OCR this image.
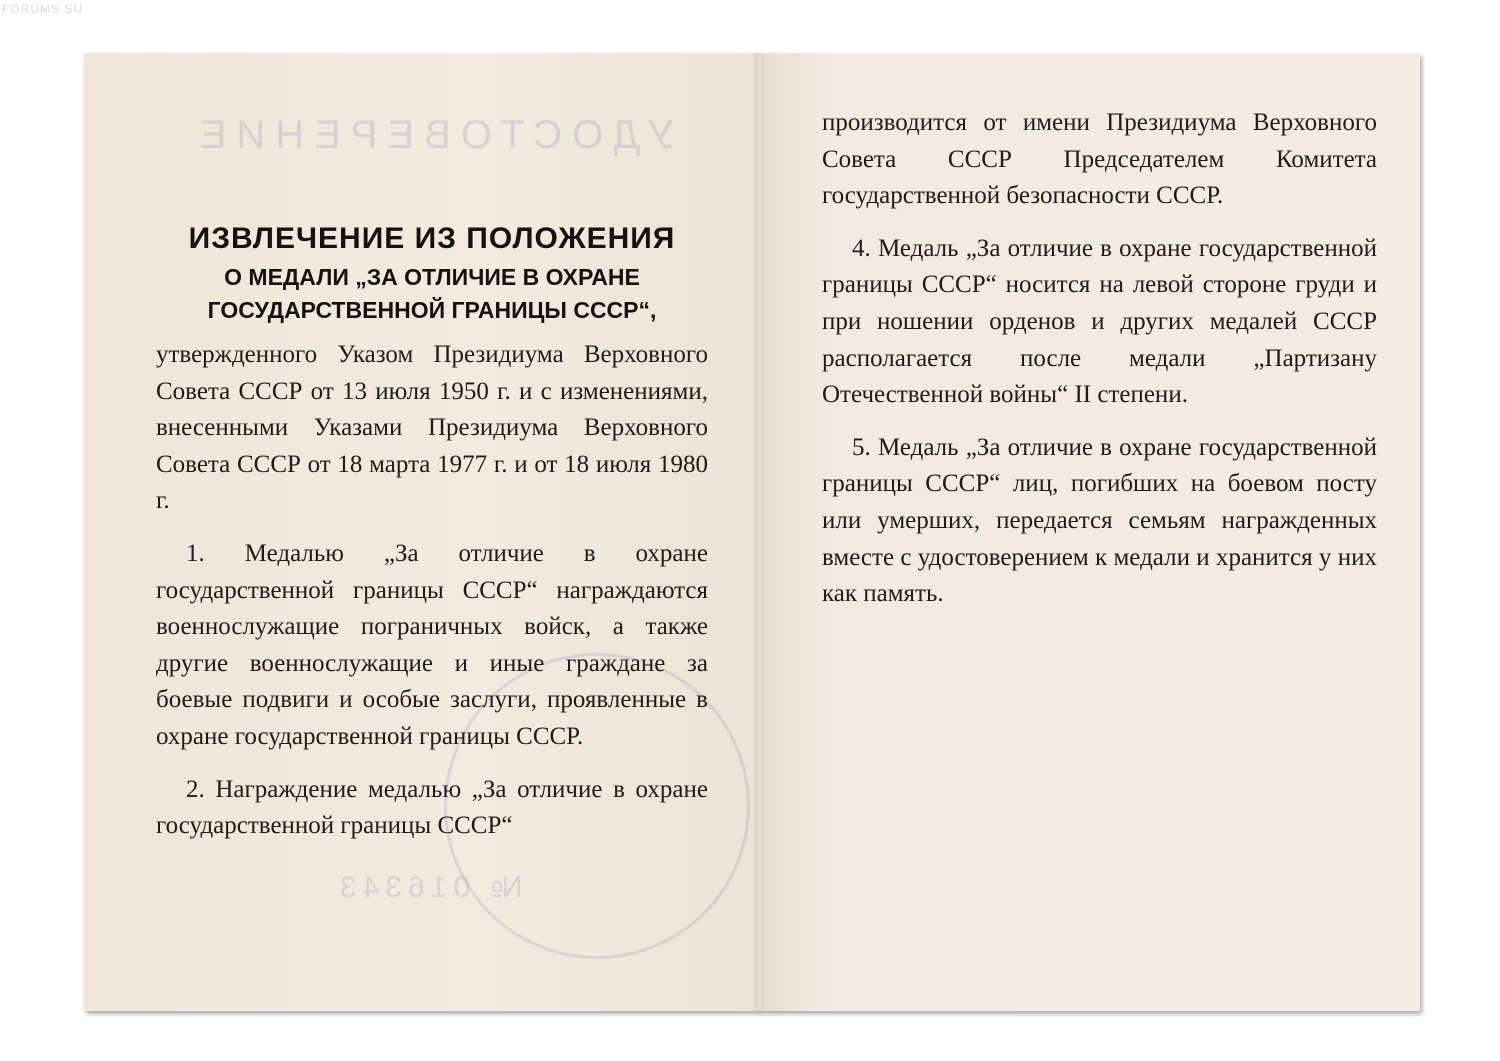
FORUMS.SU
УДОСТОВЕРЕНИЕ
№ 016343

ИЗВЛЕЧЕНИЕ ИЗ ПОЛОЖЕНИЯ

О МЕДАЛИ „ЗА ОТЛИЧИЕ В ОХРАНЕ
ГОСУДАРСТВЕННОЙ ГРАНИЦЫ СССР“,

утвержденного Указом Президиума Верховного Совета СССР от 13 июля 1950 г. и с изменениями, внесенными Указами Президиума Верховного Совета СССР от 18 марта 1977 г. и от 18 июля 1980 г.

1. Медалью „За отличие в охране государственной границы СССР“ награждаются военнослужащие пограничных войск, а также другие военнослужащие и иные граждане за боевые подвиги и особые заслуги, проявленные в охране государственной границы СССР.

2. Награждение медалью „За отличие в охране государственной границы СССР“

производится от имени Президиума Верховного Совета СССР Председателем Комитета государственной безопасности СССР.

4. Медаль „За отличие в охране государственной границы СССР“ носится на левой стороне груди и при ношении орденов и других медалей СССР располагается после медали „Партизану Отечественной войны“ II степени.

5. Медаль „За отличие в охране государственной границы СССР“ лиц, погибших на боевом посту или умерших, передается семьям награжденных вместе с удостоверением к медали и хранится у них как память.
